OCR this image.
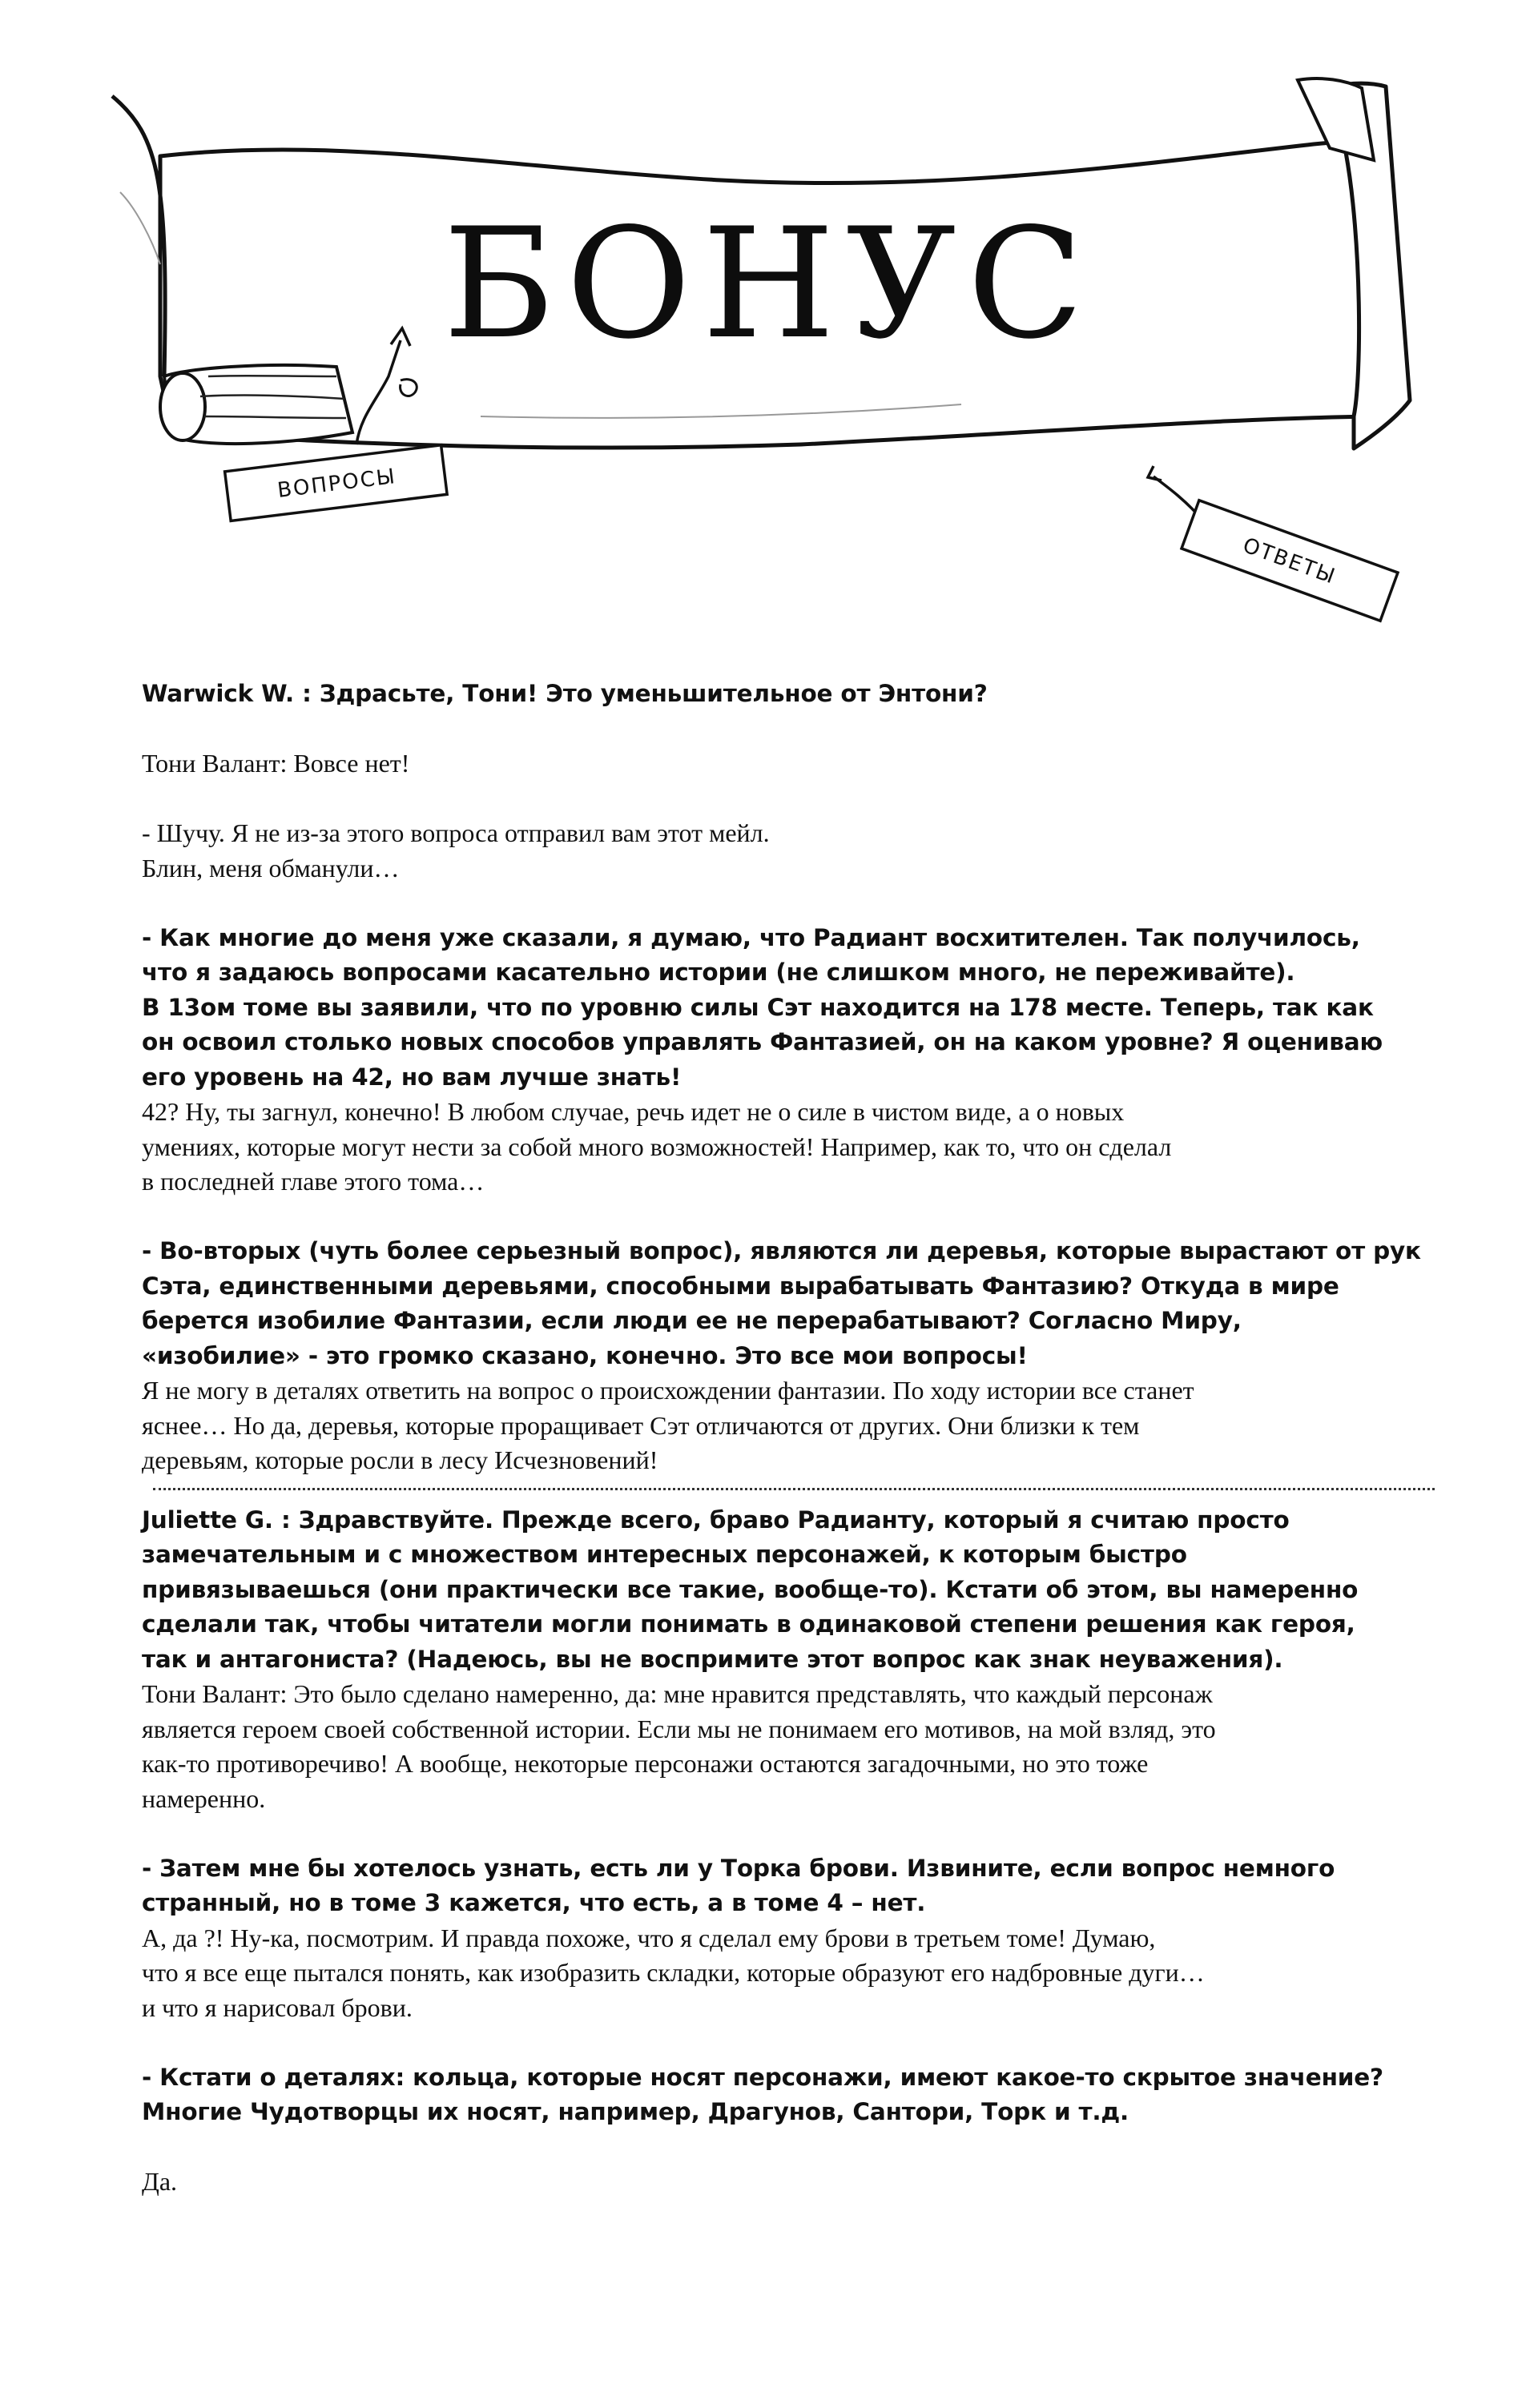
БОНУС
ВОПРОСЫ
ОТВЕТЫ

Warwick W. : Здрасьте, Тони! Это уменьшительное от Энтони?

Тони Валант: Вовсе нет!

- Шучу. Я не из-за этого вопроса отправил вам этот мейл.
Блин, меня обманули…

- Как многие до меня уже сказали, я думаю, что Радиант восхитителен. Так получилось,
что я задаюсь вопросами касательно истории (не слишком много, не переживайте).
В 13ом томе вы заявили, что по уровню силы Сэт находится на 178 месте. Теперь, так как
он освоил столько новых способов управлять Фантазией, он на каком уровне? Я оцениваю
его уровень на 42, но вам лучше знать!

42? Ну, ты загнул, конечно! В любом случае, речь идет не о силе в чистом виде, а о новых
умениях, которые могут нести за собой много возможностей! Например, как то, что он сделал
в последней главе этого тома…

- Во-вторых (чуть более серьезный вопрос), являются ли деревья, которые вырастают от рук
Сэта, единственными деревьями, способными вырабатывать Фантазию? Откуда в мире
берется изобилие Фантазии, если люди ее не перерабатывают? Согласно Миру,
«изобилие» - это громко сказано, конечно. Это все мои вопросы!

Я не могу в деталях ответить на вопрос о происхождении фантазии. По ходу истории все станет
яснее… Но да, деревья, которые проращивает Сэт отличаются от других. Они близки к тем
деревьям, которые росли в лесу Исчезновений!

Juliette G. : Здравствуйте. Прежде всего, браво Радианту, который я считаю просто
замечательным и с множеством интересных персонажей, к которым быстро
привязываешься (они практически все такие, вообще-то). Кстати об этом, вы намеренно
сделали так, чтобы читатели могли понимать в одинаковой степени решения как героя,
так и антагониста? (Надеюсь, вы не воспримите этот вопрос как знак неуважения).

Тони Валант: Это было сделано намеренно, да: мне нравится представлять, что каждый персонаж
является героем своей собственной истории. Если мы не понимаем его мотивов, на мой взляд, это
как-то противоречиво! А вообще, некоторые персонажи остаются загадочными, но это тоже
намеренно.

- Затем мне бы хотелось узнать, есть ли у Торка брови. Извините, если вопрос немного
странный, но в томе 3 кажется, что есть, а в томе 4 – нет.

А, да ?! Ну-ка, посмотрим. И правда похоже, что я сделал ему брови в третьем томе! Думаю,
что я все еще пытался понять, как изобразить складки, которые образуют его надбровные дуги…
и что я нарисовал брови.

- Кстати о деталях: кольца, которые носят персонажи, имеют какое-то скрытое значение?
Многие Чудотворцы их носят, например, Драгунов, Сантори, Торк и т.д.

Да.
